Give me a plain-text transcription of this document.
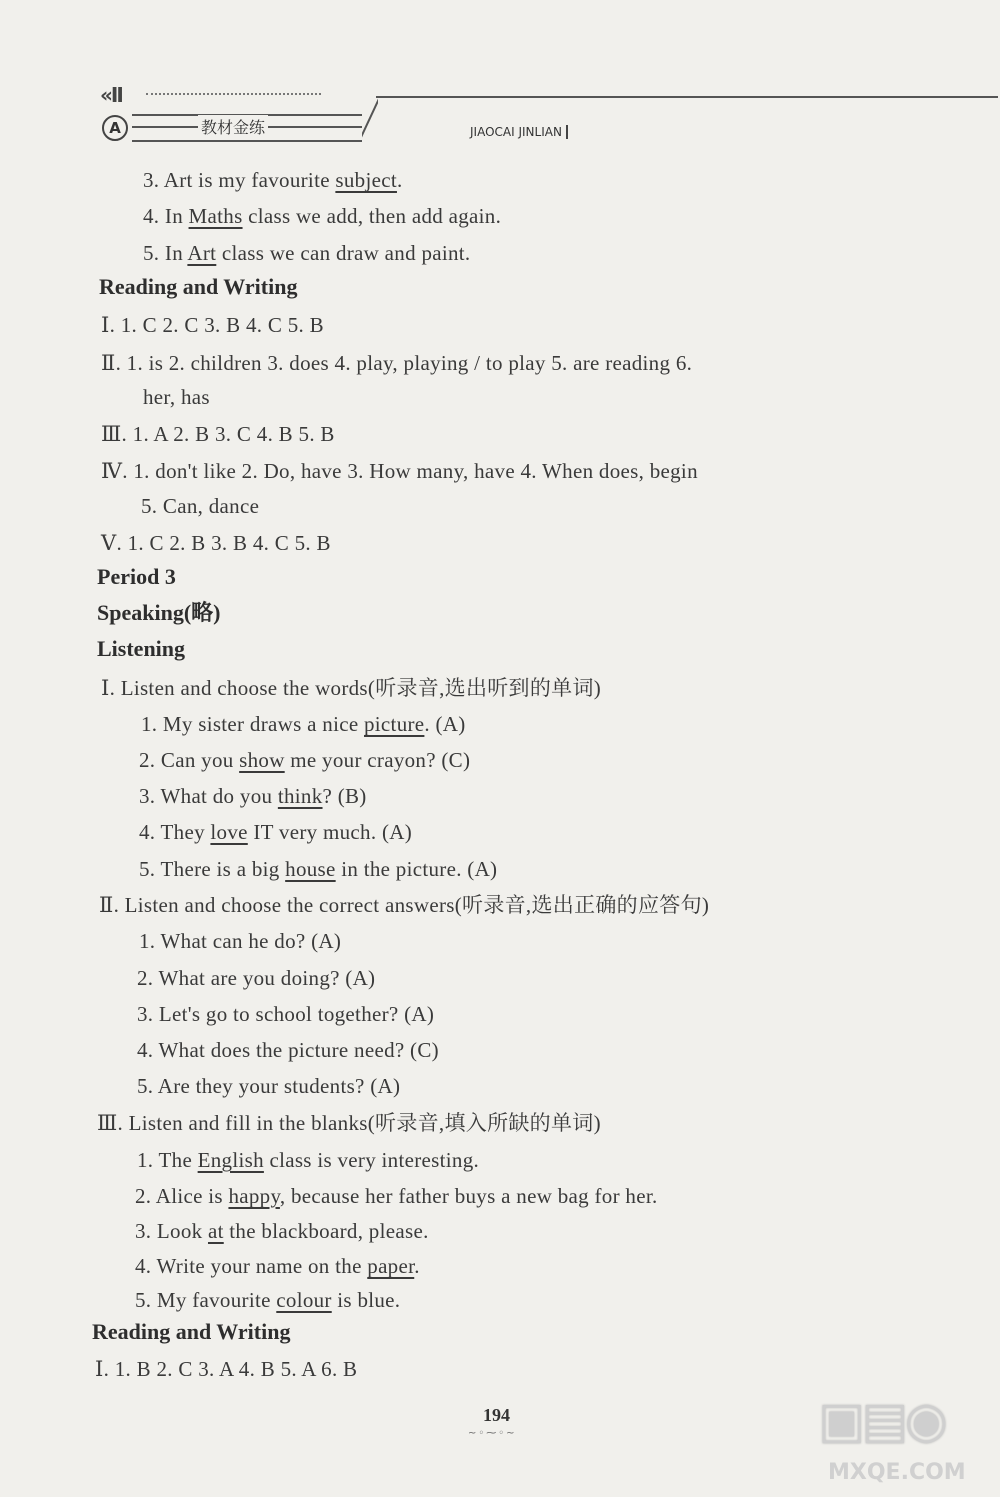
«II
A	教材金练	JIAOCAI JINLIAN
3. Art is my favourite subject.
4. In Maths class we add, then add again.
5. In Art class we can draw and paint.
Reading and Writing
Ⅰ. 1. C 2. C 3. B 4. C 5. B
Ⅱ. 1. is 2. children 3. does 4. play, playing / to play 5. are reading 6.
her, has
Ⅲ. 1. A 2. B 3. C 4. B 5. B
Ⅳ. 1. don't like 2. Do, have 3. How many, have 4. When does, begin
5. Can, dance
Ⅴ. 1. C 2. B 3. B 4. C 5. B
Period 3
Speaking(略)
Listening
Ⅰ. Listen and choose the words(听录音,选出听到的单词)
1. My sister draws a nice picture. (A)
2. Can you show me your crayon? (C)
3. What do you think? (B)
4. They love IT very much. (A)
5. There is a big house in the picture. (A)
Ⅱ. Listen and choose the correct answers(听录音,选出正确的应答句)
1. What can he do? (A)
2. What are you doing? (A)
3. Let's go to school together? (A)
4. What does the picture need? (C)
5. Are they your students? (A)
Ⅲ. Listen and fill in the blanks(听录音,填入所缺的单词)
1. The English class is very interesting.
2. Alice is happy, because her father buys a new bag for her.
3. Look at the blackboard, please.
4. Write your name on the paper.
5. My favourite colour is blue.
Reading and Writing
Ⅰ. 1. B 2. C 3. A 4. B 5. A 6. B
194
~◦⁓◦~	▣▤◉
MXQE.COM
